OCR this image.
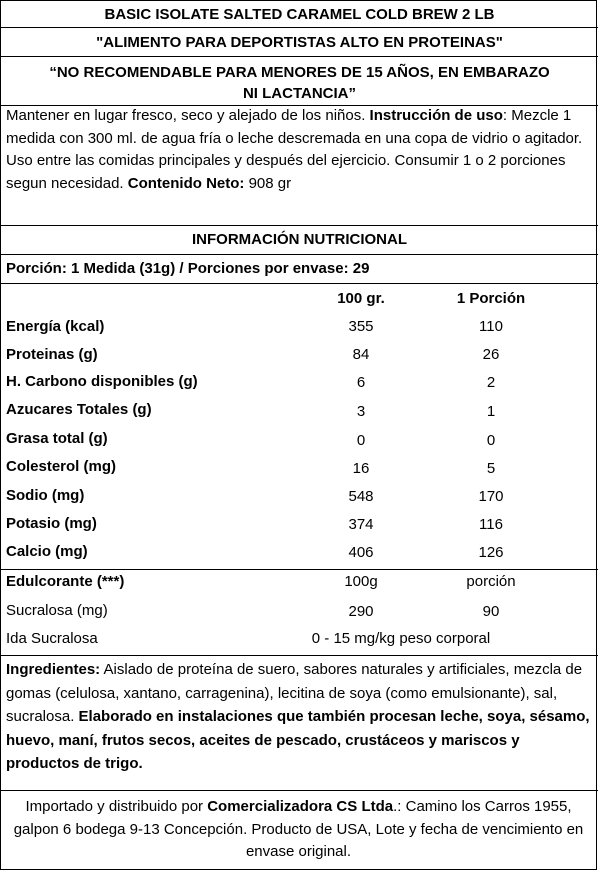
BASIC ISOLATE SALTED CARAMEL COLD BREW 2 LB
"ALIMENTO PARA DEPORTISTAS ALTO EN PROTEINAS"
“NO RECOMENDABLE PARA MENORES DE 15 AÑOS, EN EMBARAZO NI LACTANCIA”
Mantener en lugar fresco, seco y alejado de los niños. Instrucción de uso: Mezcle 1 medida con 300 ml. de agua fría o leche descremada en una copa de vidrio o agitador. Uso entre las comidas principales y después del ejercicio. Consumir 1 o 2 porciones segun necesidad. Contenido Neto: 908 gr
INFORMACIÓN NUTRICIONAL
Porción: 1 Medida (31g) / Porciones por envase: 29
100 gr.	1 Porción
Energía (kcal)	355	110
Proteinas (g)	84	26
H. Carbono disponibles (g)	6	2
Azucares Totales (g)	3	1
Grasa total (g)	0	0
Colesterol (mg)	16	5
Sodio (mg)	548	170
Potasio (mg)	374	116
Calcio (mg)	406	126
Edulcorante (***)	100g	porción
Sucralosa (mg)	290	90
Ida Sucralosa	0 - 15 mg/kg peso corporal
Ingredientes: Aislado de proteína de suero, sabores naturales y artificiales, mezcla de gomas (celulosa, xantano, carragenina), lecitina de soya (como emulsionante), sal, sucralosa. Elaborado en instalaciones que también procesan leche, soya, sésamo, huevo, maní, frutos secos, aceites de pescado, crustáceos y mariscos y productos de trigo.
Importado y distribuido por Comercializadora CS Ltda.: Camino los Carros 1955, galpon 6 bodega 9-13 Concepción. Producto de USA, Lote y fecha de vencimiento en envase original.
